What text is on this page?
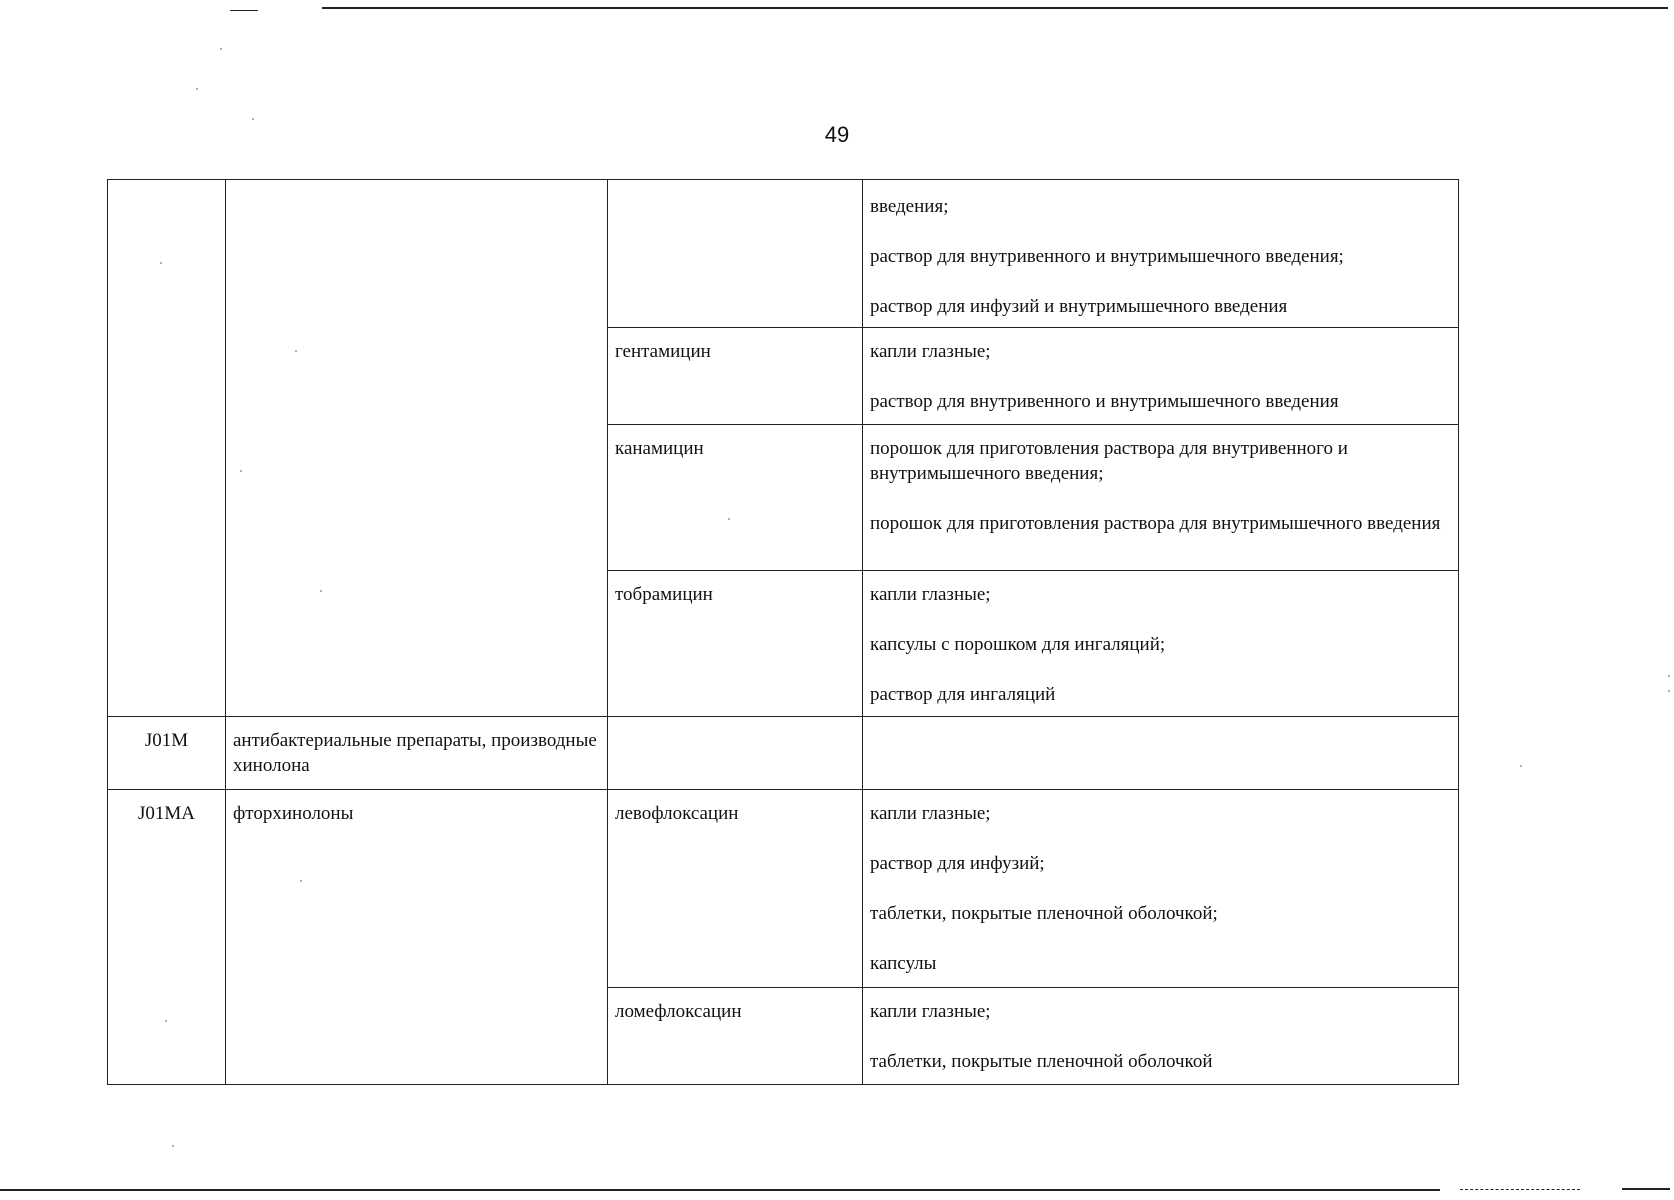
49

			введения;
раствор для внутривенного и внутримышечного введения;
раствор для инфузий и внутримышечного введения

		гентамицин	капли глазные;
раствор для внутривенного и внутримышечного введения

		канамицин	порошок для приготовления раствора для внутривенного и внутримышечного введения;
порошок для приготовления раствора для внутримышечного введения

		тобрамицин	капли глазные;
капсулы с порошком для ингаляций;
раствор для ингаляций

J01M	антибактериальные препараты, производные хинолона		
J01MA	фторхинолоны	левофлоксацин	капли глазные;
раствор для инфузий;
таблетки, покрытые пленочной оболочкой;
капсулы

		ломефлоксацин	капли глазные;
таблетки, покрытые пленочной оболочкой
